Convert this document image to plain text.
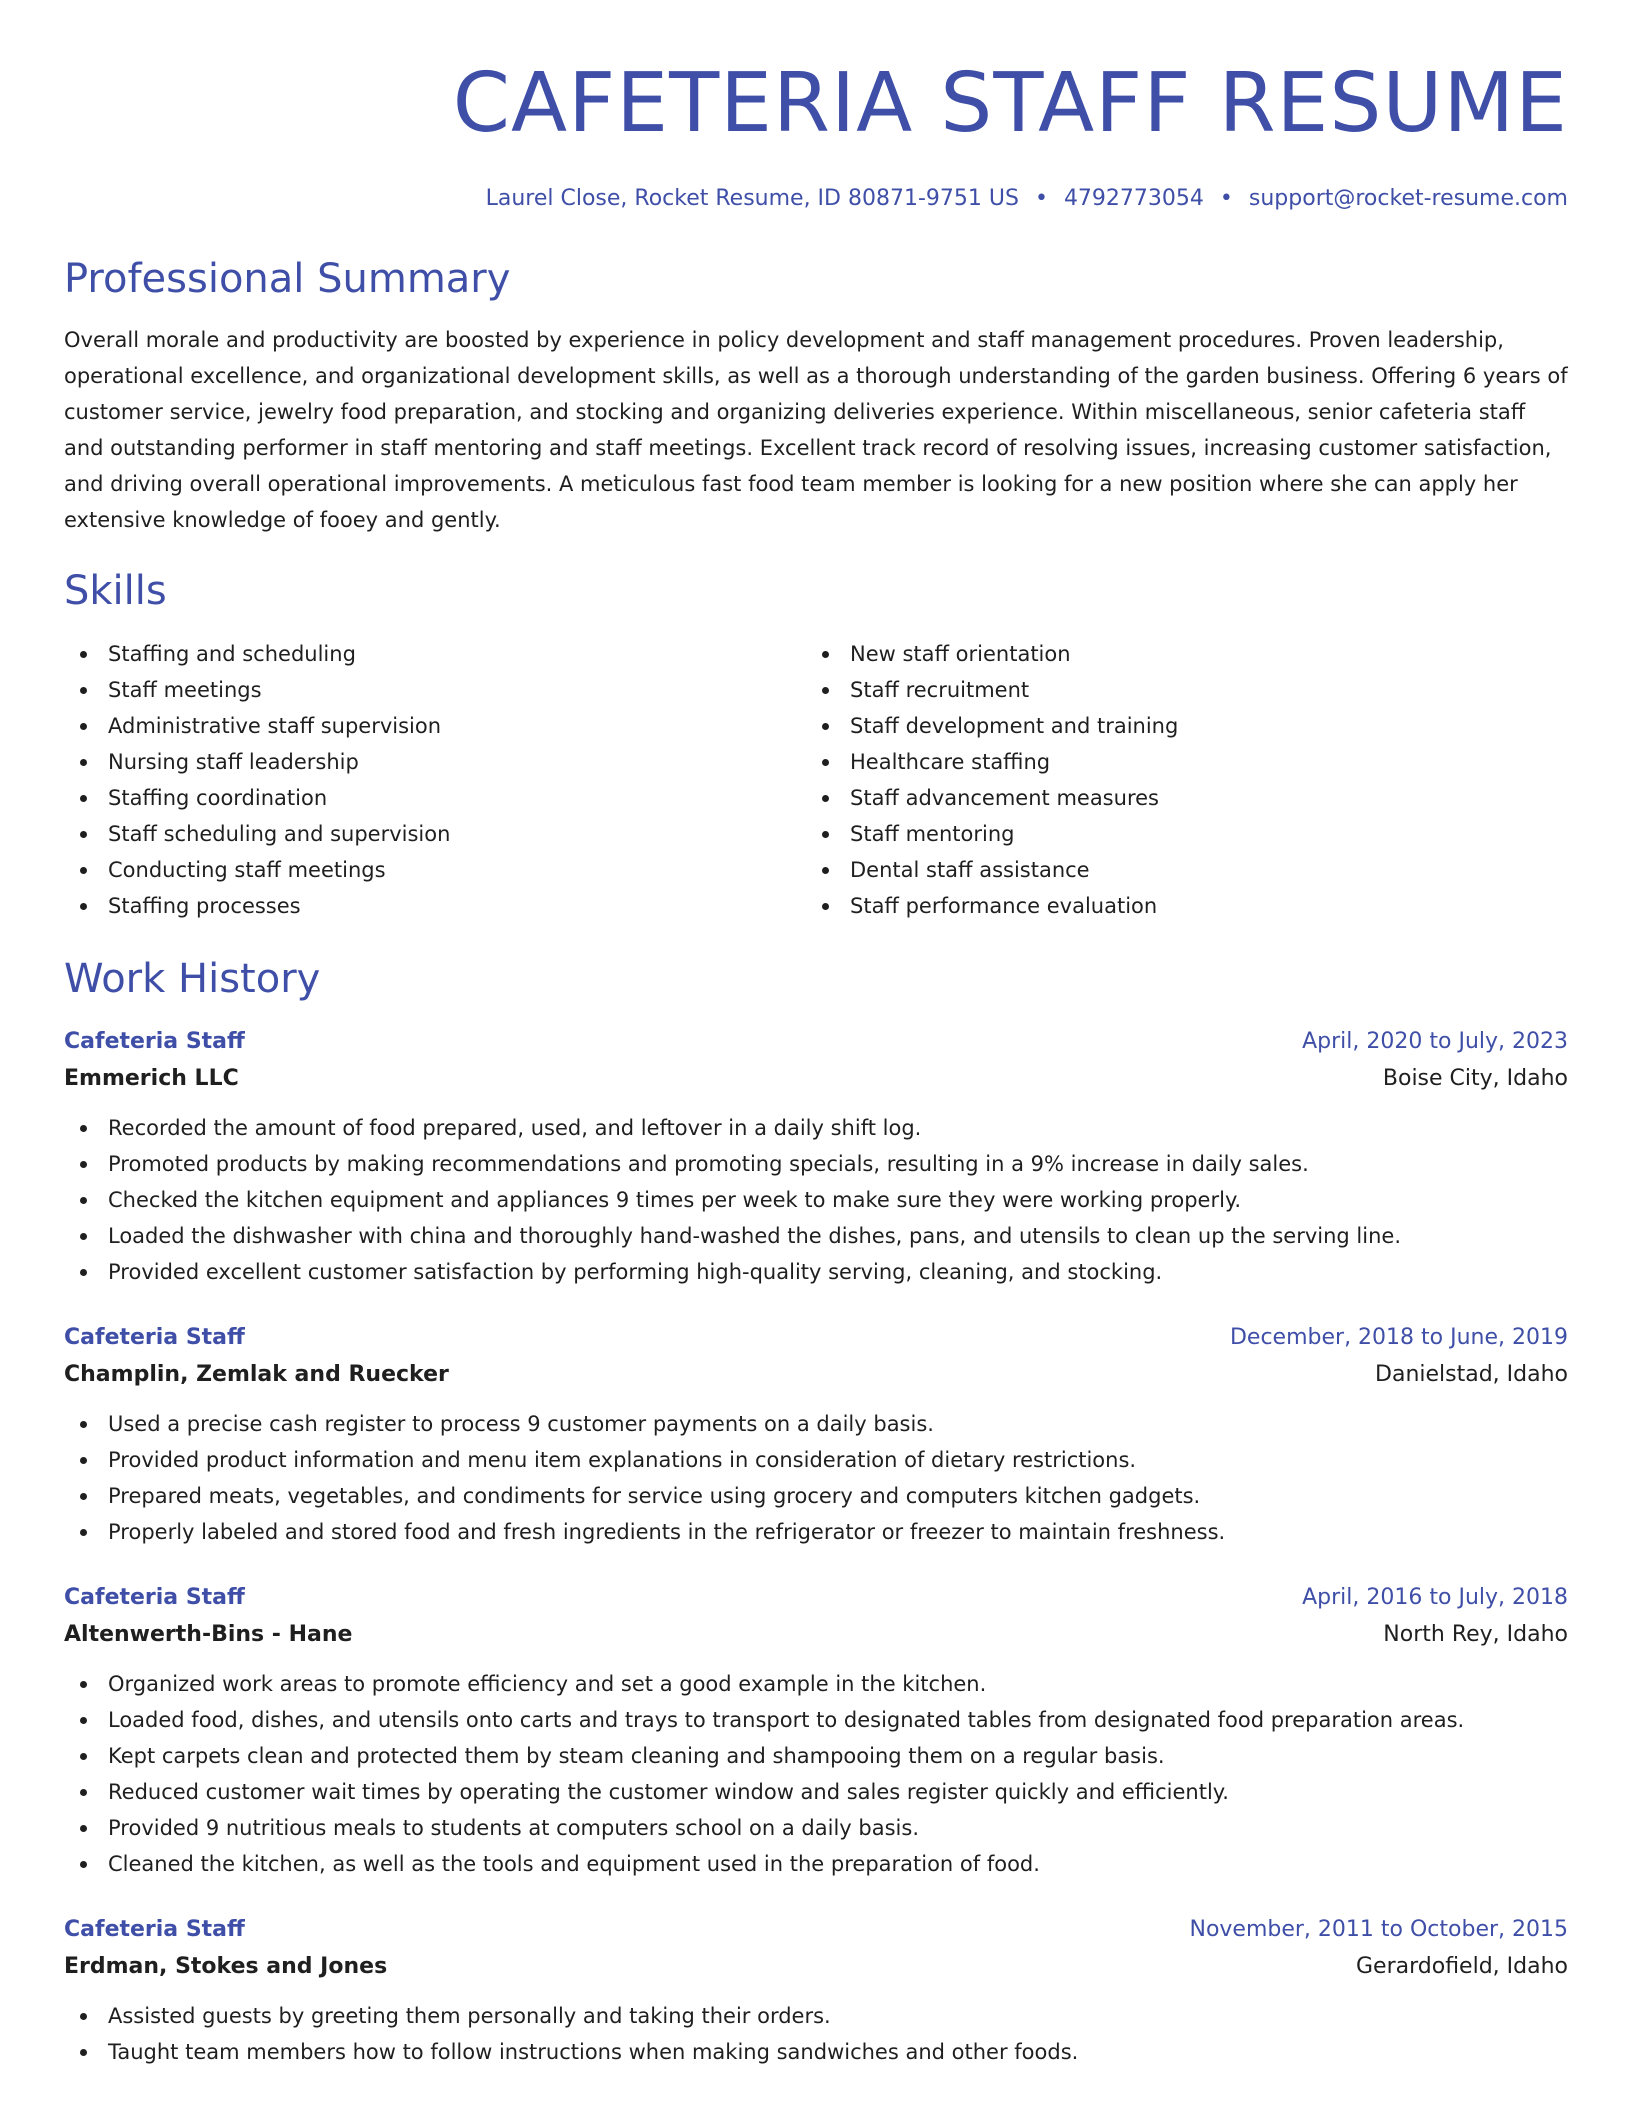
CAFETERIA STAFF RESUME
Laurel Close, Rocket Resume, ID 80871-9751 US • 4792773054 • support@rocket-resume.com
Professional Summary

Overall morale and productivity are boosted by experience in policy development and staff management procedures. Proven leadership, operational excellence, and organizational development skills, as well as a thorough understanding of the garden business. Offering 6 years of customer service, jewelry food preparation, and stocking and organizing deliveries experience. Within miscellaneous, senior cafeteria staff and outstanding performer in staff mentoring and staff meetings. Excellent track record of resolving issues, increasing customer satisfaction, and driving overall operational improvements. A meticulous fast food team member is looking for a new position where she can apply her extensive knowledge of fooey and gently.

Skills
Staffing and scheduling
Staff meetings
Administrative staff supervision
Nursing staff leadership
Staffing coordination
Staff scheduling and supervision
Conducting staff meetings
Staffing processes
New staff orientation
Staff recruitment
Staff development and training
Healthcare staffing
Staff advancement measures
Staff mentoring
Dental staff assistance
Staff performance evaluation
Work History
Cafeteria Staff	April, 2020 to July, 2023
Emmerich LLC	Boise City, Idaho
Recorded the amount of food prepared, used, and leftover in a daily shift log.
Promoted products by making recommendations and promoting specials, resulting in a 9% increase in daily sales.
Checked the kitchen equipment and appliances 9 times per week to make sure they were working properly.
Loaded the dishwasher with china and thoroughly hand-washed the dishes, pans, and utensils to clean up the serving line.
Provided excellent customer satisfaction by performing high-quality serving, cleaning, and stocking.
Cafeteria Staff	December, 2018 to June, 2019
Champlin, Zemlak and Ruecker	Danielstad, Idaho
Used a precise cash register to process 9 customer payments on a daily basis.
Provided product information and menu item explanations in consideration of dietary restrictions.
Prepared meats, vegetables, and condiments for service using grocery and computers kitchen gadgets.
Properly labeled and stored food and fresh ingredients in the refrigerator or freezer to maintain freshness.
Cafeteria Staff	April, 2016 to July, 2018
Altenwerth-Bins - Hane	North Rey, Idaho
Organized work areas to promote efficiency and set a good example in the kitchen.
Loaded food, dishes, and utensils onto carts and trays to transport to designated tables from designated food preparation areas.
Kept carpets clean and protected them by steam cleaning and shampooing them on a regular basis.
Reduced customer wait times by operating the customer window and sales register quickly and efficiently.
Provided 9 nutritious meals to students at computers school on a daily basis.
Cleaned the kitchen, as well as the tools and equipment used in the preparation of food.
Cafeteria Staff	November, 2011 to October, 2015
Erdman, Stokes and Jones	Gerardofield, Idaho
Assisted guests by greeting them personally and taking their orders.
Taught team members how to follow instructions when making sandwiches and other foods.
